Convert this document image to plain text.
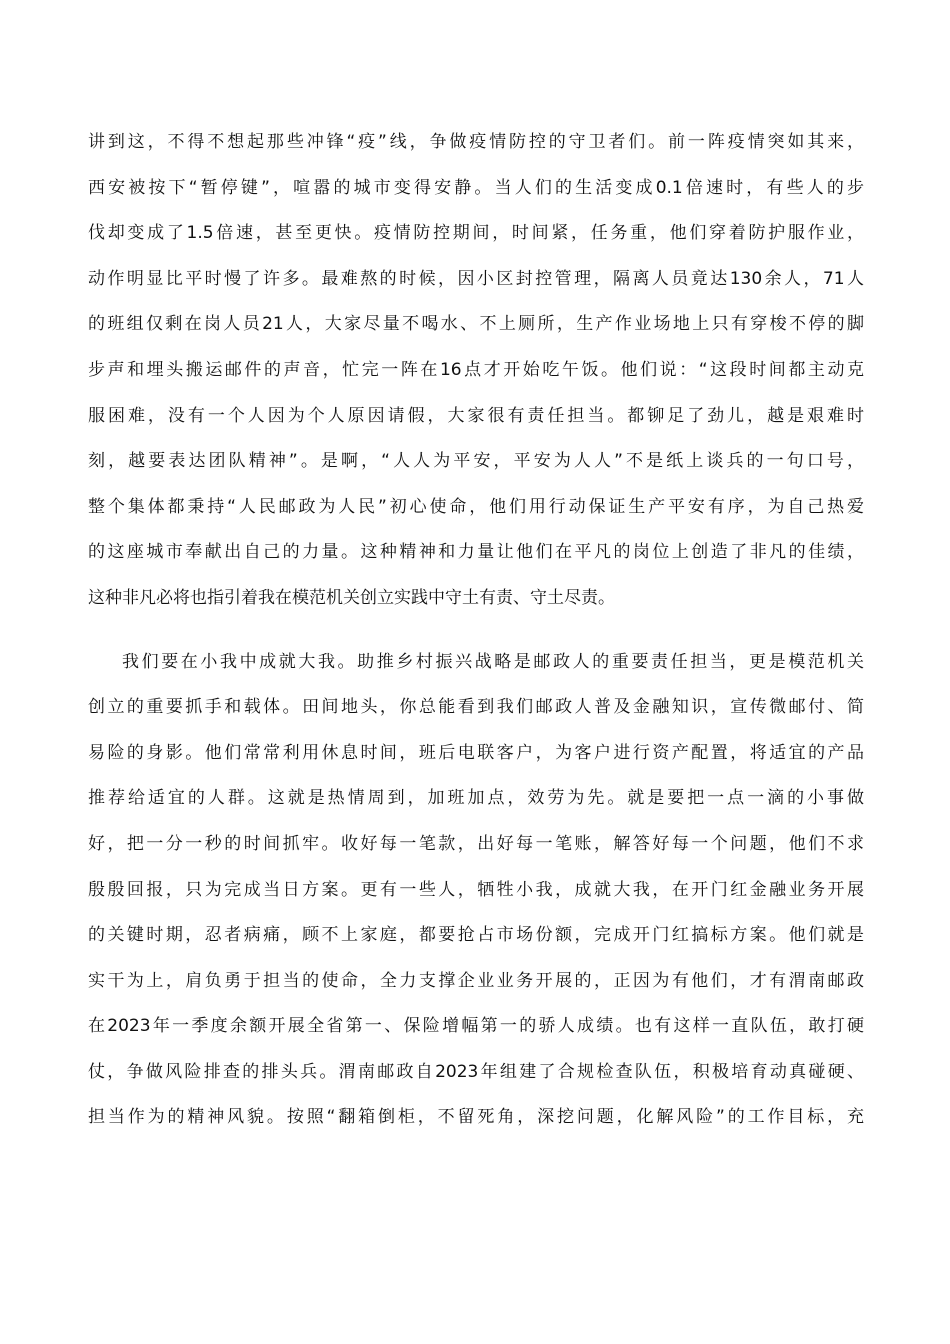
讲到这，不得不想起那些冲锋“疫”线，争做疫情防控的守卫者们。前一阵疫情突如其来，
西安被按下“暂停键”，喧嚣的城市变得安静。当人们的生活变成0.1倍速时，有些人的步
伐却变成了1.5倍速，甚至更快。疫情防控期间，时间紧，任务重，他们穿着防护服作业，
动作明显比平时慢了许多。最难熬的时候，因小区封控管理，隔离人员竟达130余人，71人
的班组仅剩在岗人员21人，大家尽量不喝水、不上厕所，生产作业场地上只有穿梭不停的脚
步声和埋头搬运邮件的声音，忙完一阵在16点才开始吃午饭。他们说：“这段时间都主动克
服困难，没有一个人因为个人原因请假，大家很有责任担当。都铆足了劲儿，越是艰难时
刻，越要表达团队精神”。是啊，“人人为平安，平安为人人”不是纸上谈兵的一句口号，
整个集体都秉持“人民邮政为人民”初心使命，他们用行动保证生产平安有序，为自己热爱
的这座城市奉献出自己的力量。这种精神和力量让他们在平凡的岗位上创造了非凡的佳绩，
这种非凡必将也指引着我在模范机关创立实践中守土有责、守土尽责。
我们要在小我中成就大我。助推乡村振兴战略是邮政人的重要责任担当，更是模范机关
创立的重要抓手和载体。田间地头，你总能看到我们邮政人普及金融知识，宣传微邮付、简
易险的身影。他们常常利用休息时间，班后电联客户，为客户进行资产配置，将适宜的产品
推荐给适宜的人群。这就是热情周到，加班加点，效劳为先。就是要把一点一滴的小事做
好，把一分一秒的时间抓牢。收好每一笔款，出好每一笔账，解答好每一个问题，他们不求
殷殷回报，只为完成当日方案。更有一些人，牺牲小我，成就大我，在开门红金融业务开展
的关键时期，忍者病痛，顾不上家庭，都要抢占市场份额，完成开门红搞标方案。他们就是
实干为上，肩负勇于担当的使命，全力支撑企业业务开展的，正因为有他们，才有渭南邮政
在2023年一季度余额开展全省第一、保险增幅第一的骄人成绩。也有这样一直队伍，敢打硬
仗，争做风险排查的排头兵。渭南邮政自2023年组建了合规检查队伍，积极培育动真碰硬、
担当作为的精神风貌。按照“翻箱倒柜，不留死角，深挖问题，化解风险”的工作目标，充
